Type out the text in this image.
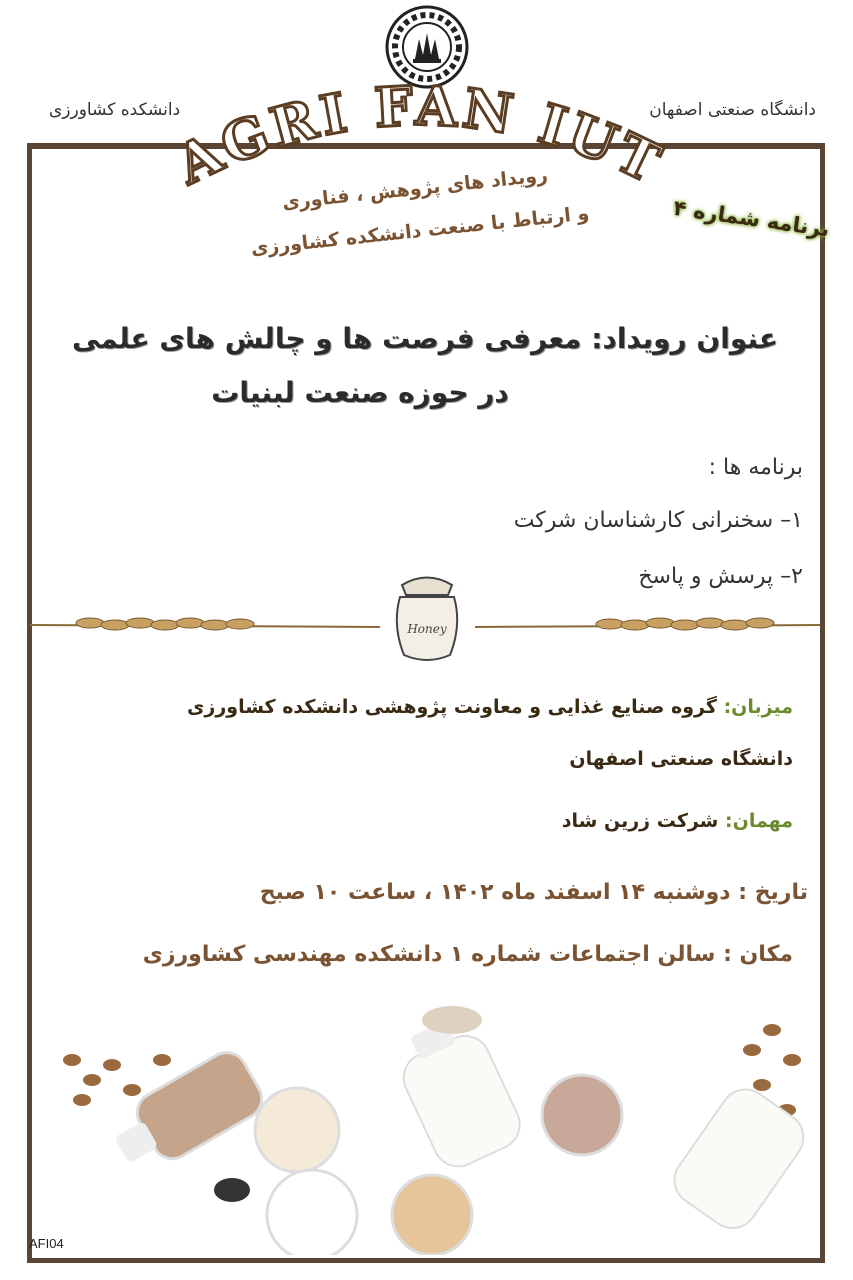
دانشگاه صنعتی اصفهان
دانشکده کشاورزی
AGRI FAN IUT
رویداد های پژوهش ، فناوری
و ارتباط با صنعت دانشکده کشاورزی	برنامه شماره ۴
عنوان رویداد: معرفی فرصت ها و چالش های علمی
در حوزه صنعت لبنیات
برنامه ها :
۱– سخنرانی کارشناسان شرکت
۲– پرسش و پاسخ
Honey
میزبان: گروه صنایع غذایی و معاونت پژوهشی دانشکده کشاورزی
دانشگاه صنعتی اصفهان
مهمان: شرکت زرین شاد
تاریخ : دوشنبه ۱۴ اسفند ماه ۱۴۰۲ ، ساعت ۱۰ صبح
مکان : سالن اجتماعات شماره ۱ دانشکده مهندسی کشاورزی
AFI04
